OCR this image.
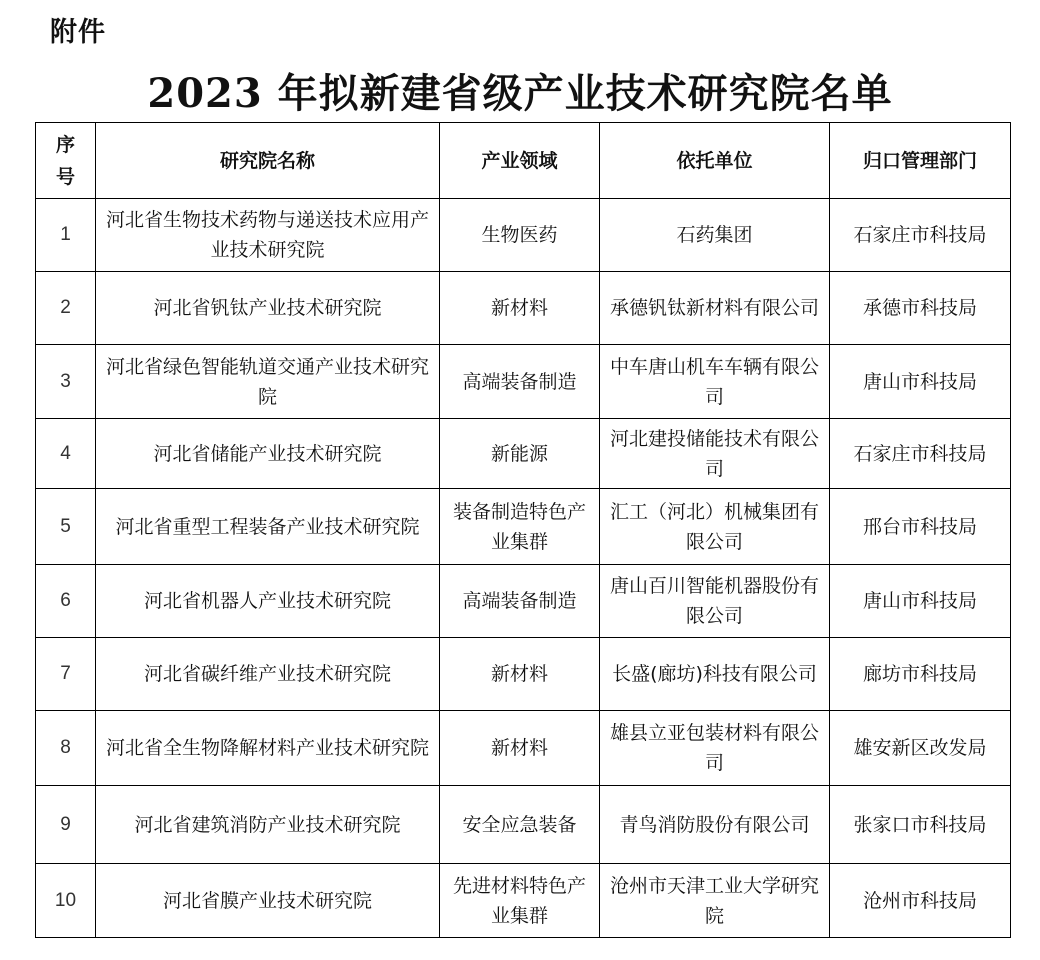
附件
2023 年拟新建省级产业技术研究院名单
序号	研究院名称	产业领域	依托单位	归口管理部门
1	河北省生物技术药物与递送技术应用产业技术研究院	生物医药	石药集团	石家庄市科技局
2	河北省钒钛产业技术研究院	新材料	承德钒钛新材料有限公司	承德市科技局
3	河北省绿色智能轨道交通产业技术研究院	高端装备制造	中车唐山机车车辆有限公司	唐山市科技局
4	河北省储能产业技术研究院	新能源	河北建投储能技术有限公司	石家庄市科技局
5	河北省重型工程装备产业技术研究院	装备制造特色产业集群	汇工（河北）机械集团有限公司	邢台市科技局
6	河北省机器人产业技术研究院	高端装备制造	唐山百川智能机器股份有限公司	唐山市科技局
7	河北省碳纤维产业技术研究院	新材料	长盛(廊坊)科技有限公司	廊坊市科技局
8	河北省全生物降解材料产业技术研究院	新材料	雄县立亚包装材料有限公司	雄安新区改发局
9	河北省建筑消防产业技术研究院	安全应急装备	青鸟消防股份有限公司	张家口市科技局
10	河北省膜产业技术研究院	先进材料特色产业集群	沧州市天津工业大学研究院	沧州市科技局
